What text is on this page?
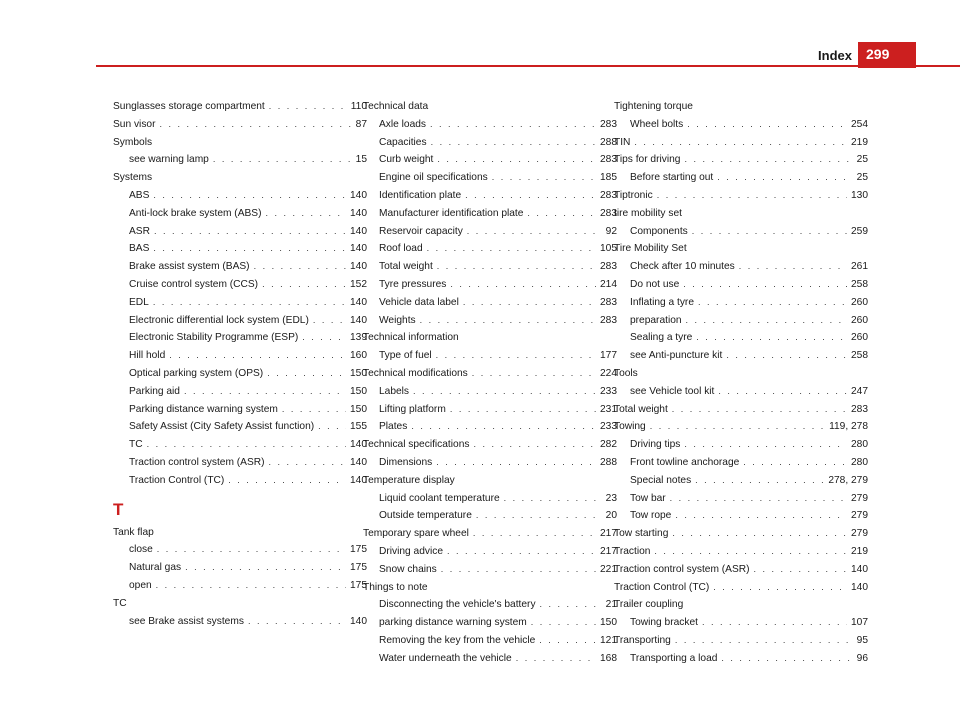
Index 299
Sunglasses storage compartment . . .	110
Sun visor . . .	87
Symbols
see warning lamp . . .	15
Systems
ABS . . .	140
Anti-lock brake system (ABS) . . .	140
ASR . . .	140
BAS . . .	140
Brake assist system (BAS) . . .	140
Cruise control system (CCS) . . .	152
EDL . . .	140
Electronic differential lock system (EDL) . . .	140
Electronic Stability Programme (ESP) . . .	139
Hill hold . . .	160
Optical parking system (OPS) . . .	150
Parking aid . . .	150
Parking distance warning system . . .	150
Safety Assist (City Safety Assist function) . . .	155
TC . . .	140
Traction control system (ASR) . . .	140
Traction Control (TC) . . .	140
T
Tank flap
close . . .	175
Natural gas . . .	175
open . . .	175
TC
see Brake assist systems . . .	140
Technical data
Axle loads . . .	283
Capacities . . .	288
Curb weight . . .	283
Engine oil specifications . . .	185
Identification plate . . .	283
Manufacturer identification plate . . .	283
Reservoir capacity . . .	92
Roof load . . .	105
Total weight . . .	283
Tyre pressures . . .	214
Vehicle data label . . .	283
Weights . . .	283
Technical information
Type of fuel . . .	177
Technical modifications . . .	224
Labels . . .	233
Lifting platform . . .	231
Plates . . .	233
Technical specifications . . .	282
Dimensions . . .	288
Temperature display
Liquid coolant temperature . . .	23
Outside temperature . . .	20
Temporary spare wheel . . .	217
Driving advice . . .	217
Snow chains . . .	221
Things to note
Disconnecting the vehicle's battery . . .	21
parking distance warning system . . .	150
Removing the key from the vehicle . . .	121
Water underneath the vehicle . . .	168
Tightening torque
Wheel bolts . . .	254
TIN . . .	219
Tips for driving . . .	25
Before starting out . . .	25
Tiptronic . . .	130
tire mobility set
Components . . .	259
Tire Mobility Set
Check after 10 minutes . . .	261
Do not use . . .	258
Inflating a tyre . . .	260
preparation . . .	260
Sealing a tyre . . .	260
see Anti-puncture kit . . .	258
Tools
see Vehicle tool kit . . .	247
Total weight . . .	283
Towing . . .	119, 278
Driving tips . . .	280
Front towline anchorage . . .	280
Special notes . . .	278, 279
Tow bar . . .	279
Tow rope . . .	279
Tow starting . . .	279
Traction . . .	219
Traction control system (ASR) . . .	140
Traction Control (TC) . . .	140
Trailer coupling
Towing bracket . . .	107
Transporting . . .	95
Transporting a load . . .	96
